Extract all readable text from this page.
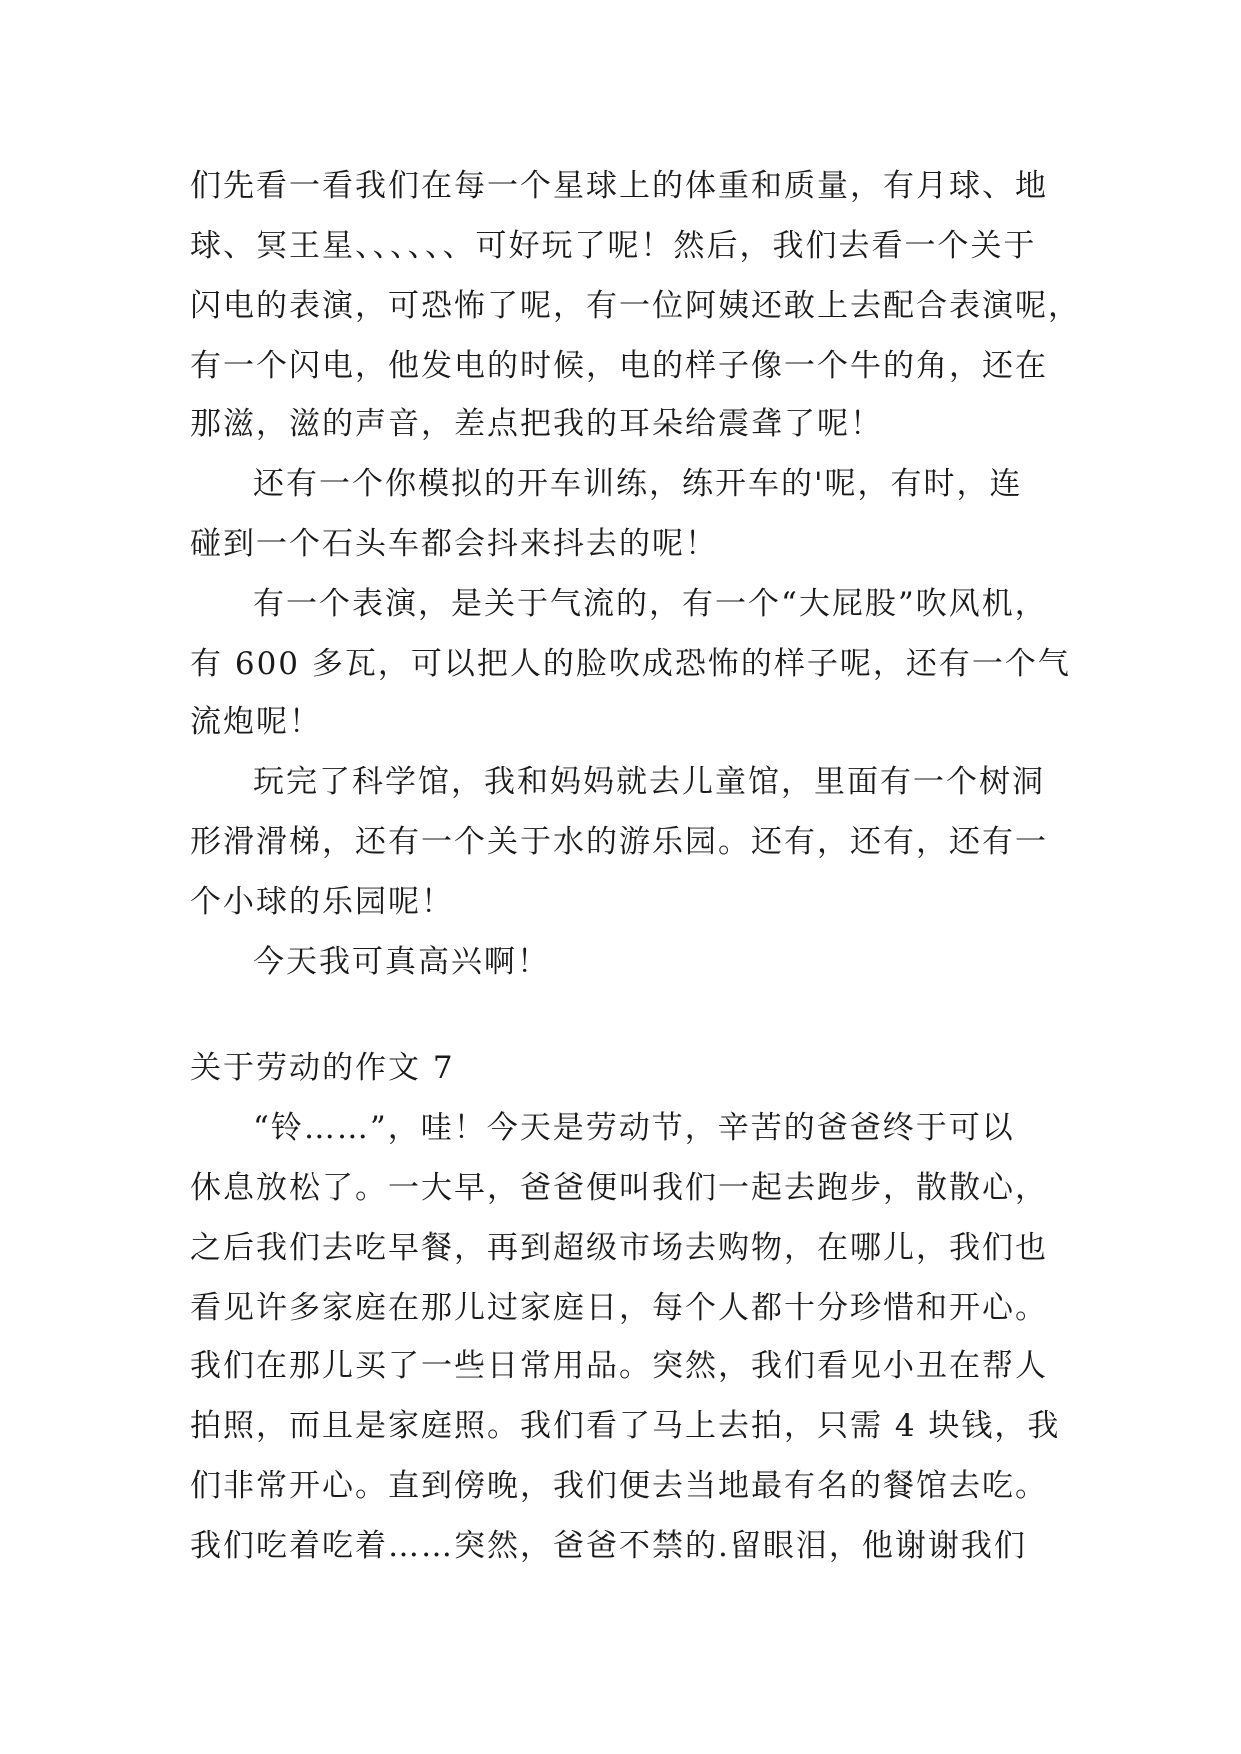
们先看一看我们在每一个星球上的体重和质量，有月球、地
球、冥王星、、、、、、可好玩了呢！然后，我们去看一个关于
闪电的表演，可恐怖了呢，有一位阿姨还敢上去配合表演呢，
有一个闪电，他发电的时候，电的样子像一个牛的角，还在
那滋，滋的声音，差点把我的耳朵给震聋了呢！
还有一个你模拟的开车训练，练开车的'呢，有时，连
碰到一个石头车都会抖来抖去的呢！
有一个表演，是关于气流的，有一个“大屁股”吹风机，
有 600 多瓦，可以把人的脸吹成恐怖的样子呢，还有一个气
流炮呢！
玩完了科学馆，我和妈妈就去儿童馆，里面有一个树洞
形滑滑梯，还有一个关于水的游乐园。还有，还有，还有一
个小球的乐园呢！
今天我可真高兴啊！
关于劳动的作文 7
“铃……”，哇！今天是劳动节，辛苦的爸爸终于可以
休息放松了。一大早，爸爸便叫我们一起去跑步，散散心，
之后我们去吃早餐，再到超级市场去购物，在哪儿，我们也
看见许多家庭在那儿过家庭日，每个人都十分珍惜和开心。
我们在那儿买了一些日常用品。突然，我们看见小丑在帮人
拍照，而且是家庭照。我们看了马上去拍，只需 4 块钱，我
们非常开心。直到傍晚，我们便去当地最有名的餐馆去吃。
我们吃着吃着……突然，爸爸不禁的.留眼泪，他谢谢我们
